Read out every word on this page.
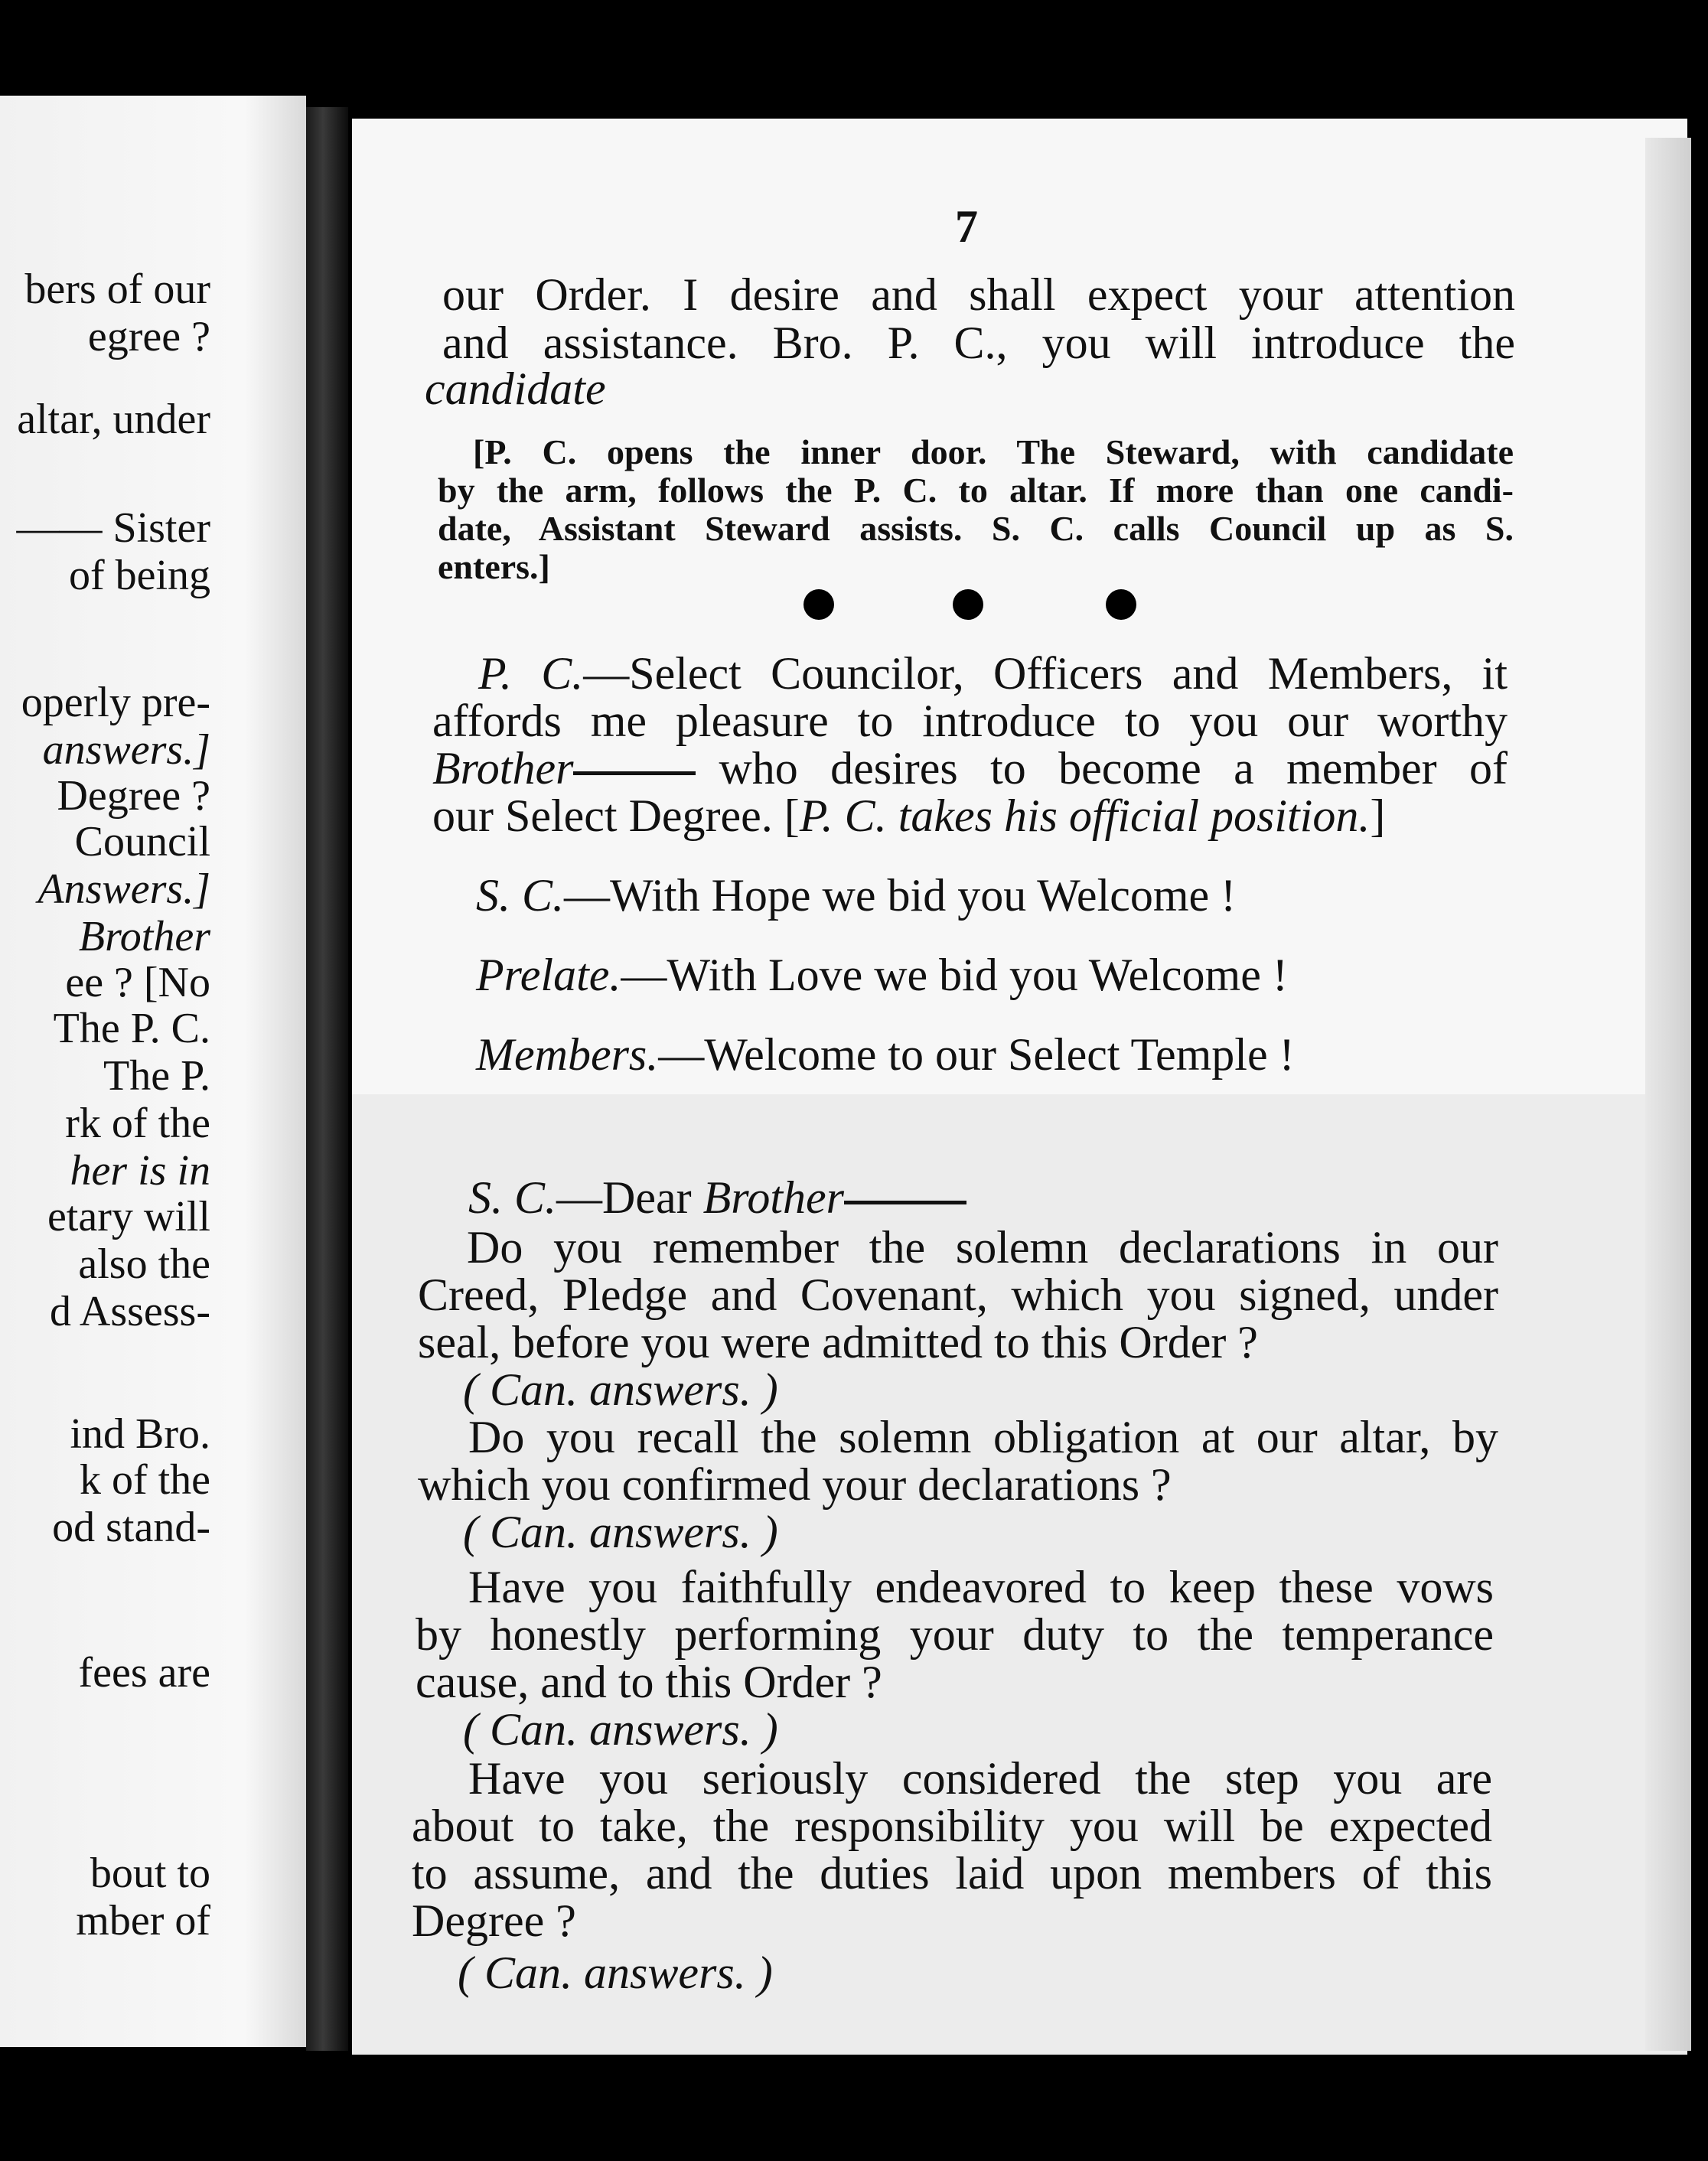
bers of our
egree ?
altar, under
—— Sister
of being
operly pre-
answers.]
Degree ?
Council
Answers.]
Brother
ee ? [No
The P. C.
The P.
rk of the
her is in
etary will
also the
d Assess-
ind Bro.
k of the
od stand-
fees are
bout to
mber of
7
our Order. I desire and shall expect your attention
and assistance. Bro. P. C., you will introduce the
candidate
[P. C. opens the inner door. The Steward, with candidate
by the arm, follows the P. C. to altar. If more than one candi-
date, Assistant Steward assists. S. C. calls Council up as S.
enters.]
P. C.—Select Councilor, Officers and Members, it
affords me pleasure to introduce to you our worthy
Brother	who desires to become a member of
our Select Degree. [P. C. takes his official position.]
S. C.—With Hope we bid you Welcome !
Prelate.—With Love we bid you Welcome !
Members.—Welcome to our Select Temple !
S. C.—Dear Brother
Do you remember the solemn declarations in our
Creed, Pledge and Covenant, which you signed, under
seal, before you were admitted to this Order ?
( Can. answers. )
Do you recall the solemn obligation at our altar, by
which you confirmed your declarations ?
( Can. answers. )
Have you faithfully endeavored to keep these vows
by honestly performing your duty to the temperance
cause, and to this Order ?
( Can. answers. )
Have you seriously considered the step you are
about to take, the responsibility you will be expected
to assume, and the duties laid upon members of this
Degree ?
( Can. answers. )
